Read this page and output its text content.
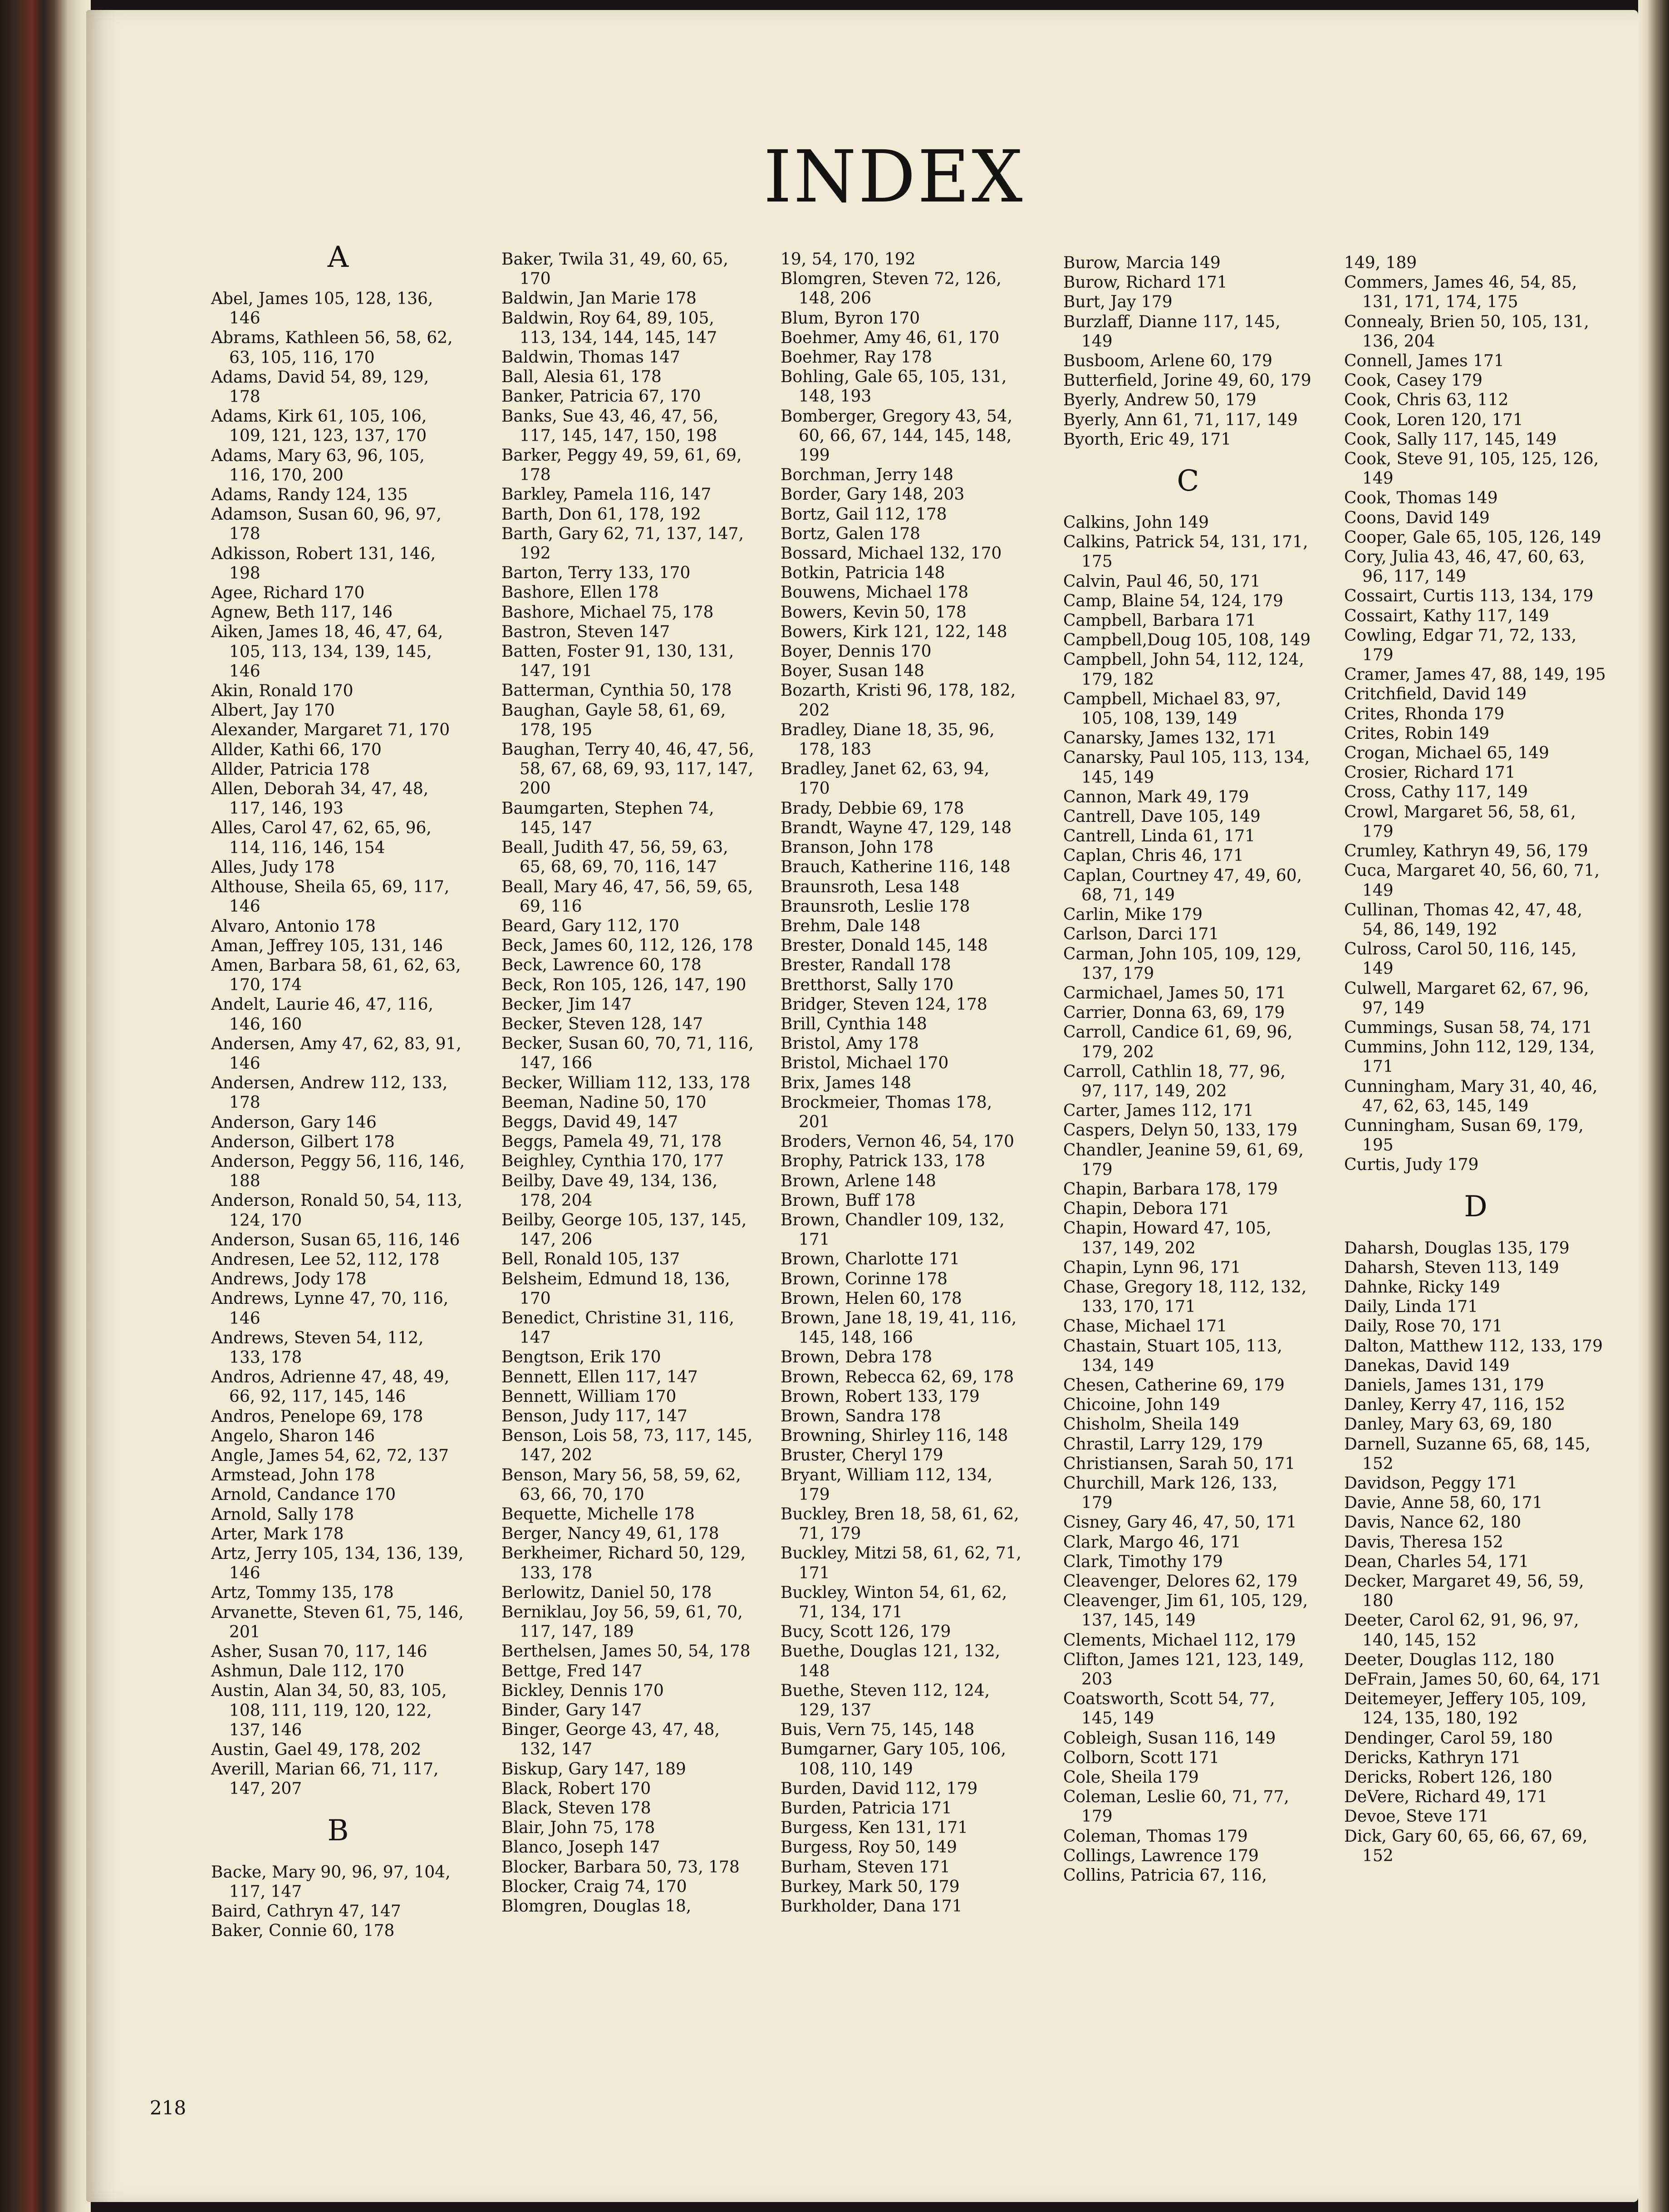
INDEX
A
Abel, James 105, 128, 136, 146
Abrams, Kathleen 56, 58, 62, 63, 105, 116, 170
Adams, David 54, 89, 129, 178
Adams, Kirk 61, 105, 106, 109, 121, 123, 137, 170
Adams, Mary 63, 96, 105, 116, 170, 200
Adams, Randy 124, 135
Adamson, Susan 60, 96, 97, 178
Adkisson, Robert 131, 146, 198
Agee, Richard 170
Agnew, Beth 117, 146
Aiken, James 18, 46, 47, 64, 105, 113, 134, 139, 145, 146
Akin, Ronald 170
Albert, Jay 170
Alexander, Margaret 71, 170
Allder, Kathi 66, 170
Allder, Patricia 178
Allen, Deborah 34, 47, 48, 117, 146, 193
Alles, Carol 47, 62, 65, 96, 114, 116, 146, 154
Alles, Judy 178
Althouse, Sheila 65, 69, 117, 146
Alvaro, Antonio 178
Aman, Jeffrey 105, 131, 146
Amen, Barbara 58, 61, 62, 63, 170, 174
Andelt, Laurie 46, 47, 116, 146, 160
Andersen, Amy 47, 62, 83, 91, 146
Andersen, Andrew 112, 133, 178
Anderson, Gary 146
Anderson, Gilbert 178
Anderson, Peggy 56, 116, 146, 188
Anderson, Ronald 50, 54, 113, 124, 170
Anderson, Susan 65, 116, 146
Andresen, Lee 52, 112, 178
Andrews, Jody 178
Andrews, Lynne 47, 70, 116, 146
Andrews, Steven 54, 112, 133, 178
Andros, Adrienne 47, 48, 49, 66, 92, 117, 145, 146
Andros, Penelope 69, 178
Angelo, Sharon 146
Angle, James 54, 62, 72, 137
Armstead, John 178
Arnold, Candance 170
Arnold, Sally 178
Arter, Mark 178
Artz, Jerry 105, 134, 136, 139, 146
Artz, Tommy 135, 178
Arvanette, Steven 61, 75, 146, 201
Asher, Susan 70, 117, 146
Ashmun, Dale 112, 170
Austin, Alan 34, 50, 83, 105, 108, 111, 119, 120, 122, 137, 146
Austin, Gael 49, 178, 202
Averill, Marian 66, 71, 117, 147, 207
B
Backe, Mary 90, 96, 97, 104, 117, 147
Baird, Cathryn 47, 147
Baker, Connie 60, 178
Baker, Twila 31, 49, 60, 65, 170
Baldwin, Jan Marie 178
Baldwin, Roy 64, 89, 105, 113, 134, 144, 145, 147
Baldwin, Thomas 147
Ball, Alesia 61, 178
Banker, Patricia 67, 170
Banks, Sue 43, 46, 47, 56, 117, 145, 147, 150, 198
Barker, Peggy 49, 59, 61, 69, 178
Barkley, Pamela 116, 147
Barth, Don 61, 178, 192
Barth, Gary 62, 71, 137, 147, 192
Barton, Terry 133, 170
Bashore, Ellen 178
Bashore, Michael 75, 178
Bastron, Steven 147
Batten, Foster 91, 130, 131, 147, 191
Batterman, Cynthia 50, 178
Baughan, Gayle 58, 61, 69, 178, 195
Baughan, Terry 40, 46, 47, 56, 58, 67, 68, 69, 93, 117, 147, 200
Baumgarten, Stephen 74, 145, 147
Beall, Judith 47, 56, 59, 63, 65, 68, 69, 70, 116, 147
Beall, Mary 46, 47, 56, 59, 65, 69, 116
Beard, Gary 112, 170
Beck, James 60, 112, 126, 178
Beck, Lawrence 60, 178
Beck, Ron 105, 126, 147, 190
Becker, Jim 147
Becker, Steven 128, 147
Becker, Susan 60, 70, 71, 116, 147, 166
Becker, William 112, 133, 178
Beeman, Nadine 50, 170
Beggs, David 49, 147
Beggs, Pamela 49, 71, 178
Beighley, Cynthia 170, 177
Beilby, Dave 49, 134, 136, 178, 204
Beilby, George 105, 137, 145, 147, 206
Bell, Ronald 105, 137
Belsheim, Edmund 18, 136, 170
Benedict, Christine 31, 116, 147
Bengtson, Erik 170
Bennett, Ellen 117, 147
Bennett, William 170
Benson, Judy 117, 147
Benson, Lois 58, 73, 117, 145, 147, 202
Benson, Mary 56, 58, 59, 62, 63, 66, 70, 170
Bequette, Michelle 178
Berger, Nancy 49, 61, 178
Berkheimer, Richard 50, 129, 133, 178
Berlowitz, Daniel 50, 178
Berniklau, Joy 56, 59, 61, 70, 117, 147, 189
Berthelsen, James 50, 54, 178
Bettge, Fred 147
Bickley, Dennis 170
Binder, Gary 147
Binger, George 43, 47, 48, 132, 147
Biskup, Gary 147, 189
Black, Robert 170
Black, Steven 178
Blair, John 75, 178
Blanco, Joseph 147
Blocker, Barbara 50, 73, 178
Blocker, Craig 74, 170
Blomgren, Douglas 18,
19, 54, 170, 192
Blomgren, Steven 72, 126, 148, 206
Blum, Byron 170
Boehmer, Amy 46, 61, 170
Boehmer, Ray 178
Bohling, Gale 65, 105, 131, 148, 193
Bomberger, Gregory 43, 54, 60, 66, 67, 144, 145, 148, 199
Borchman, Jerry 148
Border, Gary 148, 203
Bortz, Gail 112, 178
Bortz, Galen 178
Bossard, Michael 132, 170
Botkin, Patricia 148
Bouwens, Michael 178
Bowers, Kevin 50, 178
Bowers, Kirk 121, 122, 148
Boyer, Dennis 170
Boyer, Susan 148
Bozarth, Kristi 96, 178, 182, 202
Bradley, Diane 18, 35, 96, 178, 183
Bradley, Janet 62, 63, 94, 170
Brady, Debbie 69, 178
Brandt, Wayne 47, 129, 148
Branson, John 178
Brauch, Katherine 116, 148
Braunsroth, Lesa 148
Braunsroth, Leslie 178
Brehm, Dale 148
Brester, Donald 145, 148
Brester, Randall 178
Bretthorst, Sally 170
Bridger, Steven 124, 178
Brill, Cynthia 148
Bristol, Amy 178
Bristol, Michael 170
Brix, James 148
Brockmeier, Thomas 178, 201
Broders, Vernon 46, 54, 170
Brophy, Patrick 133, 178
Brown, Arlene 148
Brown, Buff 178
Brown, Chandler 109, 132, 171
Brown, Charlotte 171
Brown, Corinne 178
Brown, Helen 60, 178
Brown, Jane 18, 19, 41, 116, 145, 148, 166
Brown, Debra 178
Brown, Rebecca 62, 69, 178
Brown, Robert 133, 179
Brown, Sandra 178
Browning, Shirley 116, 148
Bruster, Cheryl 179
Bryant, William 112, 134, 179
Buckley, Bren 18, 58, 61, 62, 71, 179
Buckley, Mitzi 58, 61, 62, 71, 171
Buckley, Winton 54, 61, 62, 71, 134, 171
Bucy, Scott 126, 179
Buethe, Douglas 121, 132, 148
Buethe, Steven 112, 124, 129, 137
Buis, Vern 75, 145, 148
Bumgarner, Gary 105, 106, 108, 110, 149
Burden, David 112, 179
Burden, Patricia 171
Burgess, Ken 131, 171
Burgess, Roy 50, 149
Burham, Steven 171
Burkey, Mark 50, 179
Burkholder, Dana 171
Burow, Marcia 149
Burow, Richard 171
Burt, Jay 179
Burzlaff, Dianne 117, 145, 149
Busboom, Arlene 60, 179
Butterfield, Jorine 49, 60, 179
Byerly, Andrew 50, 179
Byerly, Ann 61, 71, 117, 149
Byorth, Eric 49, 171
C
Calkins, John 149
Calkins, Patrick 54, 131, 171, 175
Calvin, Paul 46, 50, 171
Camp, Blaine 54, 124, 179
Campbell, Barbara 171
Campbell,Doug 105, 108, 149
Campbell, John 54, 112, 124, 179, 182
Campbell, Michael 83, 97, 105, 108, 139, 149
Canarsky, James 132, 171
Canarsky, Paul 105, 113, 134, 145, 149
Cannon, Mark 49, 179
Cantrell, Dave 105, 149
Cantrell, Linda 61, 171
Caplan, Chris 46, 171
Caplan, Courtney 47, 49, 60, 68, 71, 149
Carlin, Mike 179
Carlson, Darci 171
Carman, John 105, 109, 129, 137, 179
Carmichael, James 50, 171
Carrier, Donna 63, 69, 179
Carroll, Candice 61, 69, 96, 179, 202
Carroll, Cathlin 18, 77, 96, 97, 117, 149, 202
Carter, James 112, 171
Caspers, Delyn 50, 133, 179
Chandler, Jeanine 59, 61, 69, 179
Chapin, Barbara 178, 179
Chapin, Debora 171
Chapin, Howard 47, 105, 137, 149, 202
Chapin, Lynn 96, 171
Chase, Gregory 18, 112, 132, 133, 170, 171
Chase, Michael 171
Chastain, Stuart 105, 113, 134, 149
Chesen, Catherine 69, 179
Chicoine, John 149
Chisholm, Sheila 149
Chrastil, Larry 129, 179
Christiansen, Sarah 50, 171
Churchill, Mark 126, 133, 179
Cisney, Gary 46, 47, 50, 171
Clark, Margo 46, 171
Clark, Timothy 179
Cleavenger, Delores 62, 179
Cleavenger, Jim 61, 105, 129, 137, 145, 149
Clements, Michael 112, 179
Clifton, James 121, 123, 149, 203
Coatsworth, Scott 54, 77, 145, 149
Cobleigh, Susan 116, 149
Colborn, Scott 171
Cole, Sheila 179
Coleman, Leslie 60, 71, 77, 179
Coleman, Thomas 179
Collings, Lawrence 179
Collins, Patricia 67, 116,
149, 189
Commers, James 46, 54, 85, 131, 171, 174, 175
Connealy, Brien 50, 105, 131, 136, 204
Connell, James 171
Cook, Casey 179
Cook, Chris 63, 112
Cook, Loren 120, 171
Cook, Sally 117, 145, 149
Cook, Steve 91, 105, 125, 126, 149
Cook, Thomas 149
Coons, David 149
Cooper, Gale 65, 105, 126, 149
Cory, Julia 43, 46, 47, 60, 63, 96, 117, 149
Cossairt, Curtis 113, 134, 179
Cossairt, Kathy 117, 149
Cowling, Edgar 71, 72, 133, 179
Cramer, James 47, 88, 149, 195
Critchfield, David 149
Crites, Rhonda 179
Crites, Robin 149
Crogan, Michael 65, 149
Crosier, Richard 171
Cross, Cathy 117, 149
Crowl, Margaret 56, 58, 61, 179
Crumley, Kathryn 49, 56, 179
Cuca, Margaret 40, 56, 60, 71, 149
Cullinan, Thomas 42, 47, 48, 54, 86, 149, 192
Culross, Carol 50, 116, 145, 149
Culwell, Margaret 62, 67, 96, 97, 149
Cummings, Susan 58, 74, 171
Cummins, John 112, 129, 134, 171
Cunningham, Mary 31, 40, 46, 47, 62, 63, 145, 149
Cunningham, Susan 69, 179, 195
Curtis, Judy 179
D
Daharsh, Douglas 135, 179
Daharsh, Steven 113, 149
Dahnke, Ricky 149
Daily, Linda 171
Daily, Rose 70, 171
Dalton, Matthew 112, 133, 179
Danekas, David 149
Daniels, James 131, 179
Danley, Kerry 47, 116, 152
Danley, Mary 63, 69, 180
Darnell, Suzanne 65, 68, 145, 152
Davidson, Peggy 171
Davie, Anne 58, 60, 171
Davis, Nance 62, 180
Davis, Theresa 152
Dean, Charles 54, 171
Decker, Margaret 49, 56, 59, 180
Deeter, Carol 62, 91, 96, 97, 140, 145, 152
Deeter, Douglas 112, 180
DeFrain, James 50, 60, 64, 171
Deitemeyer, Jeffery 105, 109, 124, 135, 180, 192
Dendinger, Carol 59, 180
Dericks, Kathryn 171
Dericks, Robert 126, 180
DeVere, Richard 49, 171
Devoe, Steve 171
Dick, Gary 60, 65, 66, 67, 69, 152
218
